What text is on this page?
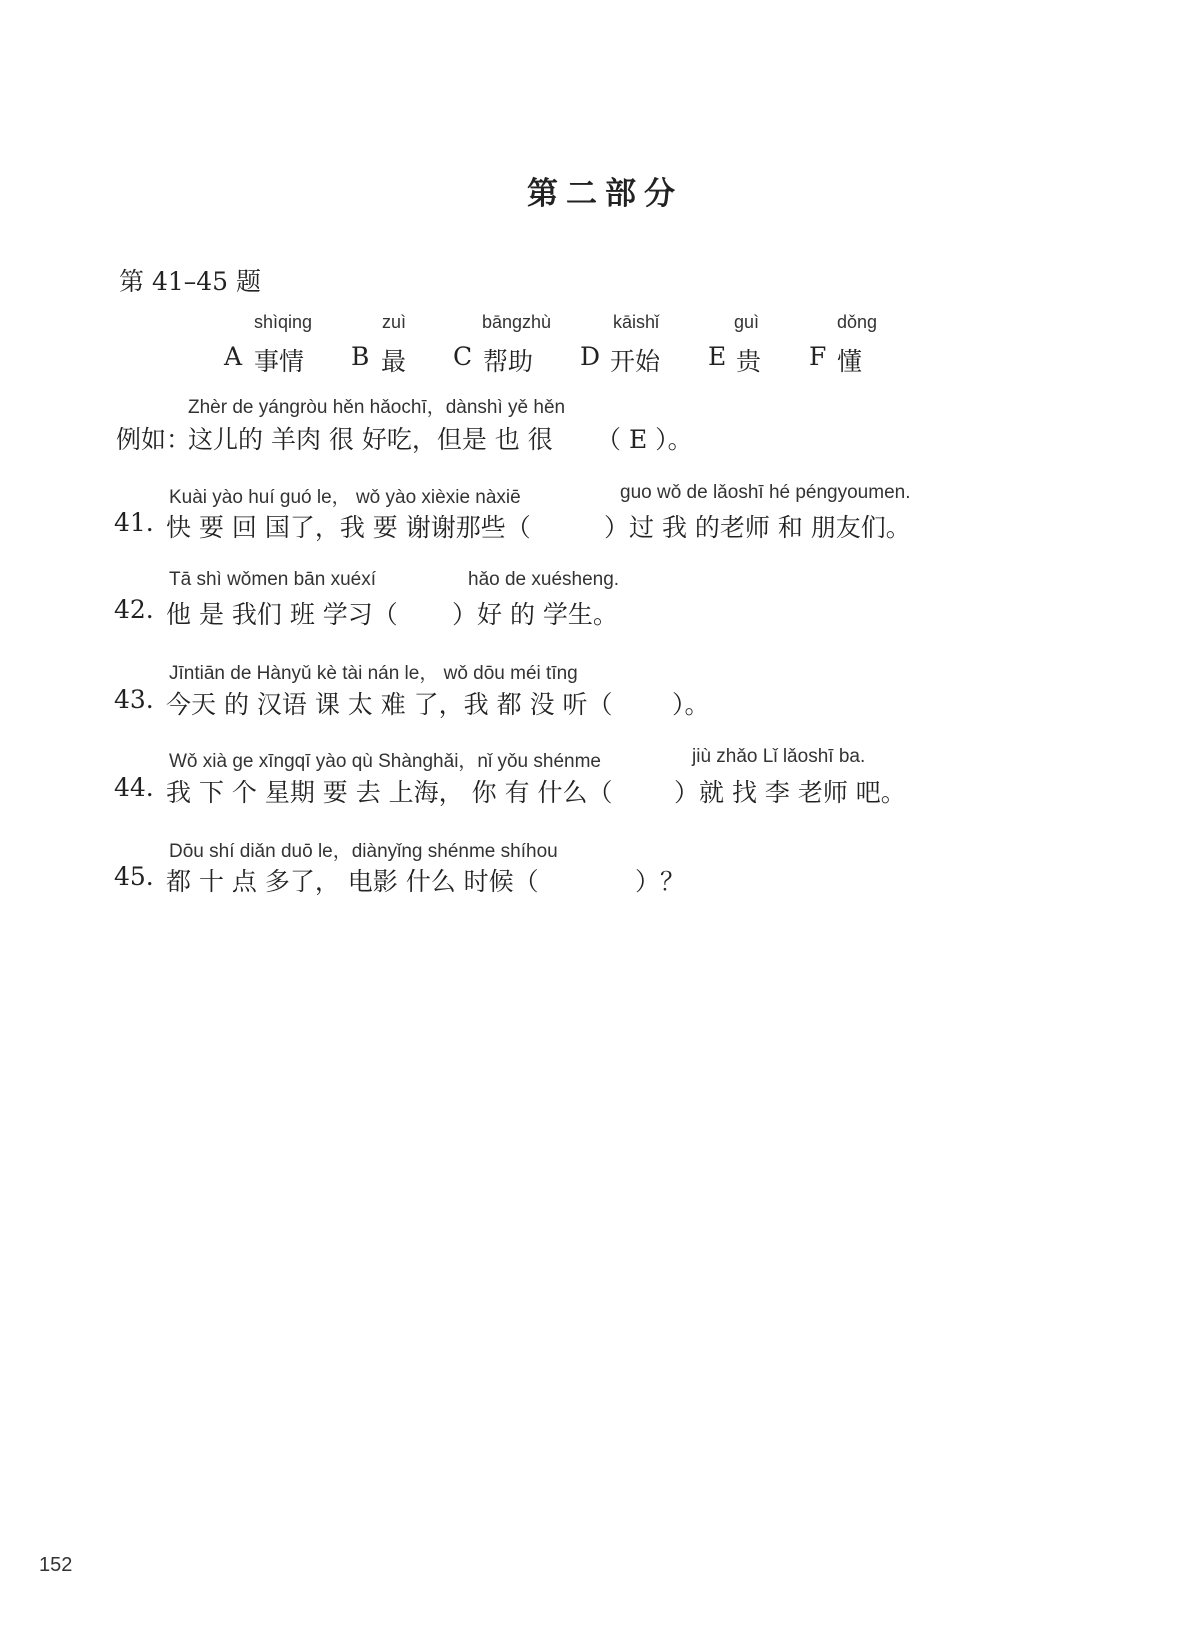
第二部分
第 41–45 题
shìqing
A 事情
zuì
B 最
bāngzhù
C 帮助
kāishǐ
D 开始
guì
E 贵
dǒng
F 懂
Zhèr de yángròu hěn hǎochī，dànshì yě hěn
例如：
这儿的 羊肉 很 好吃，但是 也 很 （ E ）。
Kuài yào huí guó le， wǒ yào xièxie nàxiē	guo wǒ de lǎoshī hé péngyoumen.
41. 快 要 回 国了，我 要 谢谢那些（	）过 我 的老师 和 朋友们。
Tā shì wǒmen bān xuéxí	hǎo de xuésheng.
42. 他 是 我们 班 学习（ ）好 的 学生。
Jīntiān de Hànyǔ kè tài nán le， wǒ dōu méi tīng
43. 今天 的 汉语 课 太 难 了，我 都 没 听（ ）。
Wǒ xià ge xīngqī yào qù Shànghǎi，nǐ yǒu shénme	jiù zhǎo Lǐ lǎoshī ba.
44. 我 下 个 星期 要 去 上海， 你 有 什么（ ）就 找 李 老师 吧。
Dōu shí diǎn duō le，diànyǐng shénme shíhou
45. 都 十 点 多了， 电影 什么 时候（	）？
152
